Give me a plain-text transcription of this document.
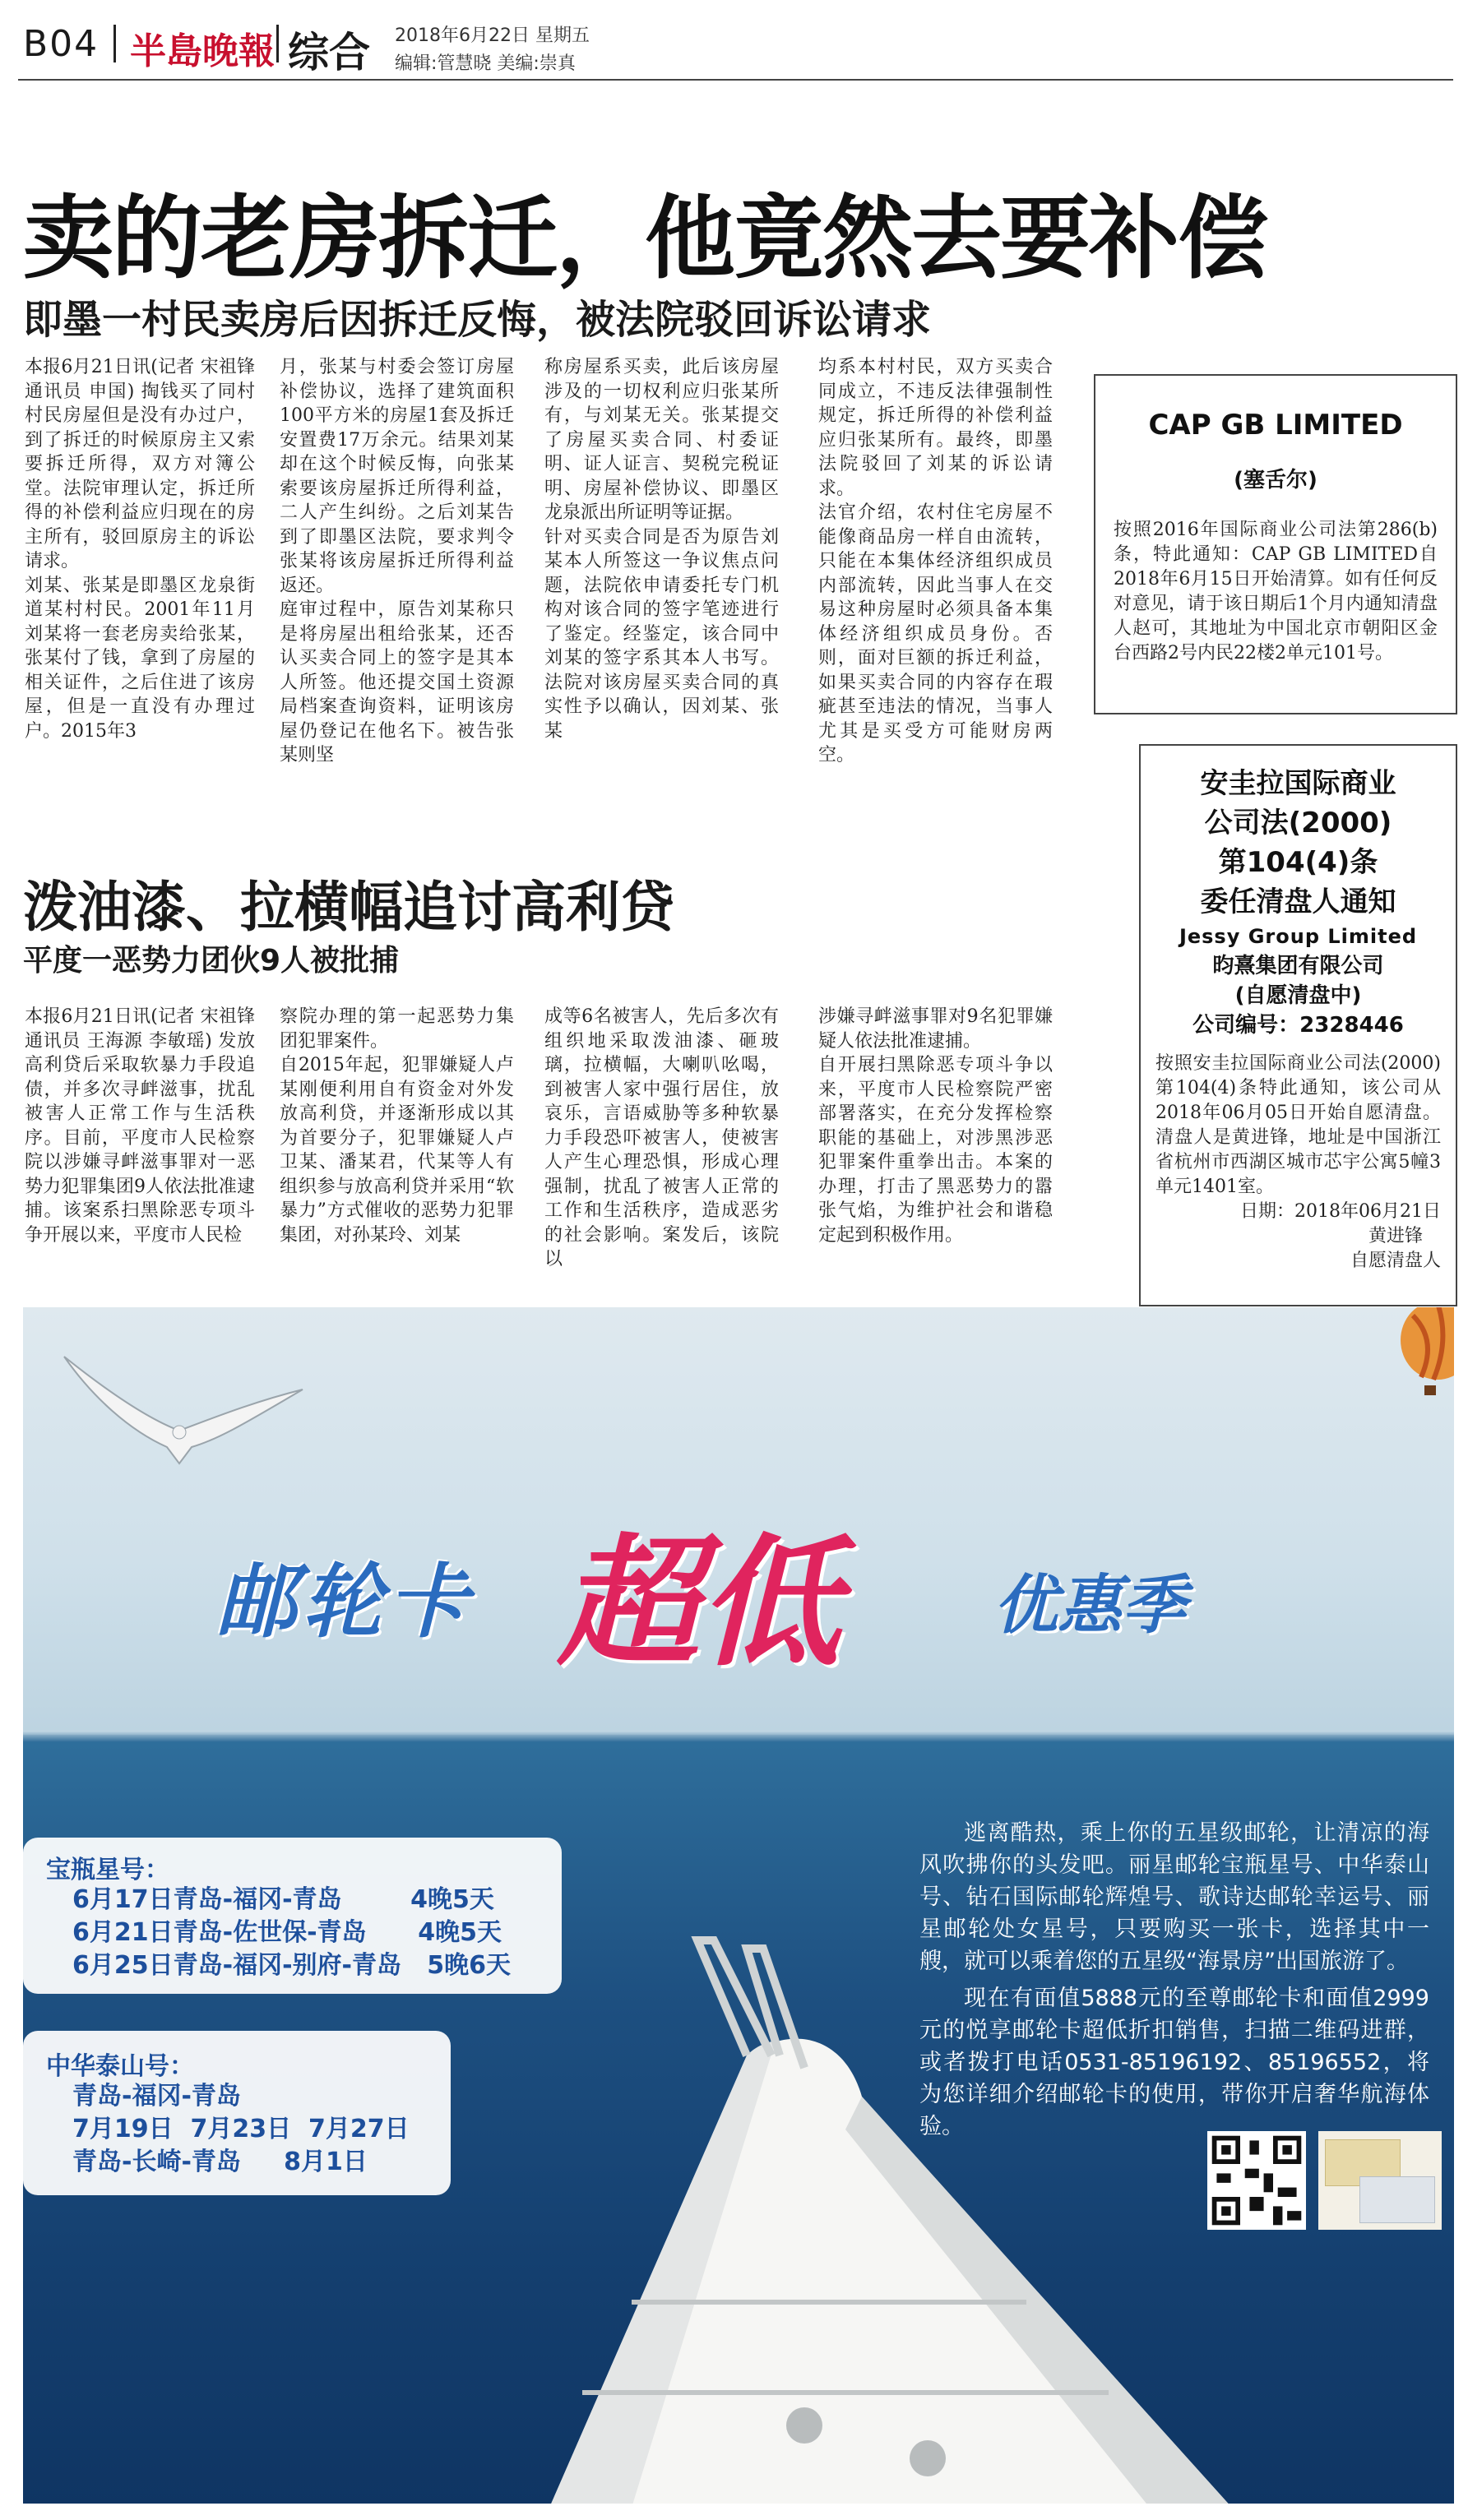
B04 半島晚報 综合 2018年6月22日 星期五
编辑:管慧晓 美编:崇真
卖的老房拆迁，他竟然去要补偿
即墨一村民卖房后因拆迁反悔，被法院驳回诉讼请求
本报6月21日讯(记者 宋祖锋 通讯员 申国) 掏钱买了同村村民房屋但是没有办过户，到了拆迁的时候原房主又索要拆迁所得，双方对簿公堂。法院审理认定，拆迁所得的补偿利益应归现在的房主所有，驳回原房主的诉讼请求。
刘某、张某是即墨区龙泉街道某村村民。2001年11月刘某将一套老房卖给张某，张某付了钱，拿到了房屋的相关证件，之后住进了该房屋，但是一直没有办理过户。2015年3
月，张某与村委会签订房屋补偿协议，选择了建筑面积100平方米的房屋1套及拆迁安置费17万余元。结果刘某却在这个时候反悔，向张某索要该房屋拆迁所得利益，二人产生纠纷。之后刘某告到了即墨区法院，要求判令张某将该房屋拆迁所得利益返还。
庭审过程中，原告刘某称只是将房屋出租给张某，还否认买卖合同上的签字是其本人所签。他还提交国土资源局档案查询资料，证明该房屋仍登记在他名下。被告张某则坚
称房屋系买卖，此后该房屋涉及的一切权利应归张某所有，与刘某无关。张某提交了房屋买卖合同、村委证明、证人证言、契税完税证明、房屋补偿协议、即墨区龙泉派出所证明等证据。
针对买卖合同是否为原告刘某本人所签这一争议焦点问题，法院依申请委托专门机构对该合同的签字笔迹进行了鉴定。经鉴定，该合同中刘某的签字系其本人书写。法院对该房屋买卖合同的真实性予以确认，因刘某、张某
均系本村村民，双方买卖合同成立，不违反法律强制性规定，拆迁所得的补偿利益应归张某所有。最终，即墨法院驳回了刘某的诉讼请求。
法官介绍，农村住宅房屋不能像商品房一样自由流转，只能在本集体经济组织成员内部流转，因此当事人在交易这种房屋时必须具备本集体经济组织成员身份。否则，面对巨额的拆迁利益，如果买卖合同的内容存在瑕疵甚至违法的情况，当事人尤其是买受方可能财房两空。
CAP GB LIMITED
(塞舌尔)
按照2016年国际商业公司法第286(b)条，特此通知：CAP GB LIMITED自2018年6月15日开始清算。如有任何反对意见，请于该日期后1个月内通知清盘人赵可，其地址为中国北京市朝阳区金台西路2号内民22楼2单元101号。
安圭拉国际商业
公司法(2000)
第104(4)条
委任清盘人通知
Jessy Group Limited
昀熹集团有限公司
(自愿清盘中)
公司编号：2328446
按照安圭拉国际商业公司法(2000)第104(4)条特此通知，该公司从2018年06月05日开始自愿清盘。清盘人是黄进锋，地址是中国浙江省杭州市西湖区城市芯宇公寓5幢3单元1401室。
日期：2018年06月21日
黄进锋
自愿清盘人
泼油漆、拉横幅追讨高利贷
平度一恶势力团伙9人被批捕
本报6月21日讯(记者 宋祖锋 通讯员 王海源 李敏瑶) 发放高利贷后采取软暴力手段追债，并多次寻衅滋事，扰乱被害人正常工作与生活秩序。目前，平度市人民检察院以涉嫌寻衅滋事罪对一恶势力犯罪集团9人依法批准逮捕。该案系扫黑除恶专项斗争开展以来，平度市人民检
察院办理的第一起恶势力集团犯罪案件。
自2015年起，犯罪嫌疑人卢某刚便利用自有资金对外发放高利贷，并逐渐形成以其为首要分子，犯罪嫌疑人卢卫某、潘某君，代某等人有组织参与放高利贷并采用“软暴力”方式催收的恶势力犯罪集团，对孙某玲、刘某
成等6名被害人，先后多次有组织地采取泼油漆、砸玻璃，拉横幅，大喇叭吆喝，到被害人家中强行居住，放哀乐，言语威胁等多种软暴力手段恐吓被害人，使被害人产生心理恐惧，形成心理强制，扰乱了被害人正常的工作和生活秩序，造成恶劣的社会影响。案发后，该院以
涉嫌寻衅滋事罪对9名犯罪嫌疑人依法批准逮捕。
自开展扫黑除恶专项斗争以来，平度市人民检察院严密部署落实，在充分发挥检察职能的基础上，对涉黑涉恶犯罪案件重拳出击。本案的办理，打击了黑恶势力的嚣张气焰，为维护社会和谐稳定起到积极作用。
邮轮卡 超低 优惠季
宝瓶星号：
6月17日青岛-福冈-青岛        4晚5天
6月21日青岛-佐世保-青岛      4晚5天
6月25日青岛-福冈-别府-青岛   5晚6天
中华泰山号：
青岛-福冈-青岛
7月19日  7月23日  7月27日
青岛-长崎-青岛     8月1日

逃离酷热，乘上你的五星级邮轮，让清凉的海风吹拂你的头发吧。丽星邮轮宝瓶星号、中华泰山号、钻石国际邮轮辉煌号、歌诗达邮轮幸运号、丽星邮轮处女星号，只要购买一张卡，选择其中一艘，就可以乘着您的五星级“海景房”出国旅游了。

现在有面值5888元的至尊邮轮卡和面值2999元的悦享邮轮卡超低折扣销售，扫描二维码进群，或者拨打电话0531-85196192、85196552，将为您详细介绍邮轮卡的使用，带你开启奢华航海体验。
